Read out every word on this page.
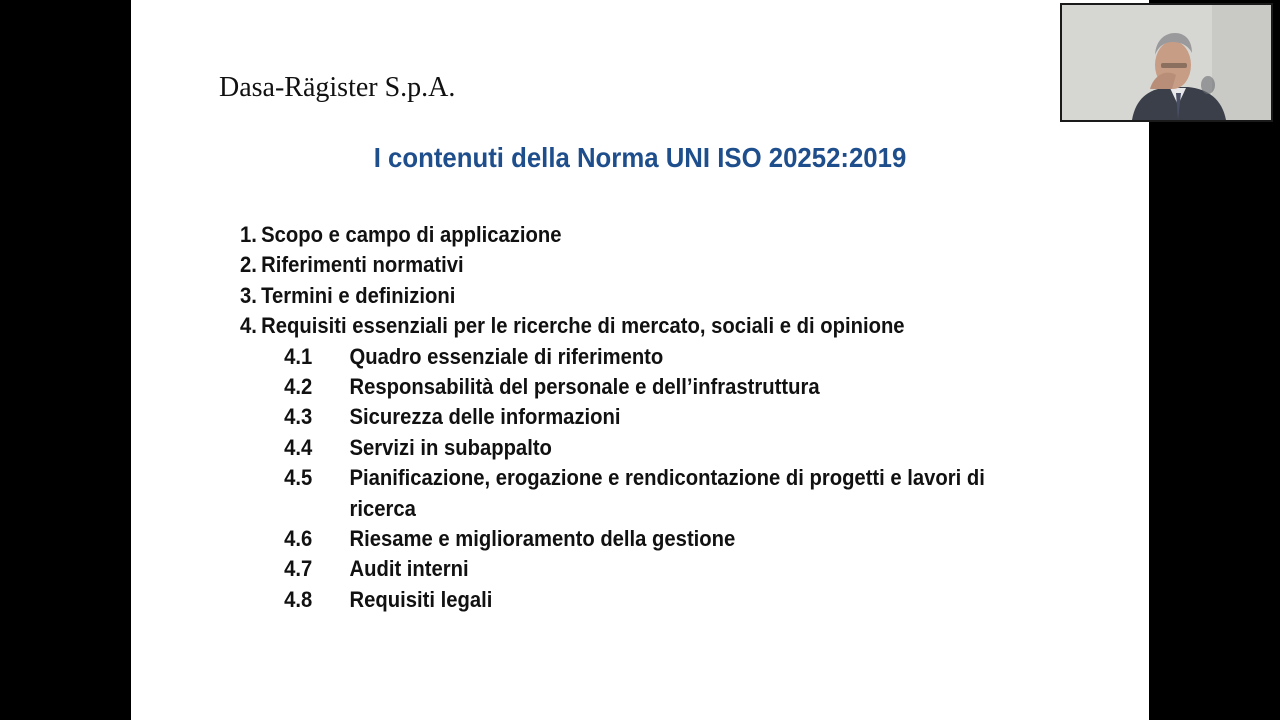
Dasa-Rägister S.p.A.
I contenuti della Norma UNI ISO 20252:2019
1. Scopo e campo di applicazione
2. Riferimenti normativi
3. Termini e definizioni
4. Requisiti essenziali per le ricerche di mercato, sociali e di opinione
4.1	Quadro essenziale di riferimento
4.2	Responsabilità del personale e dell’infrastruttura
4.3	Sicurezza delle informazioni
4.4	Servizi in subappalto
4.5	Pianificazione, erogazione e rendicontazione di progetti e lavori di ricerca
4.6	Riesame e miglioramento della gestione
4.7	Audit interni
4.8	Requisiti legali
